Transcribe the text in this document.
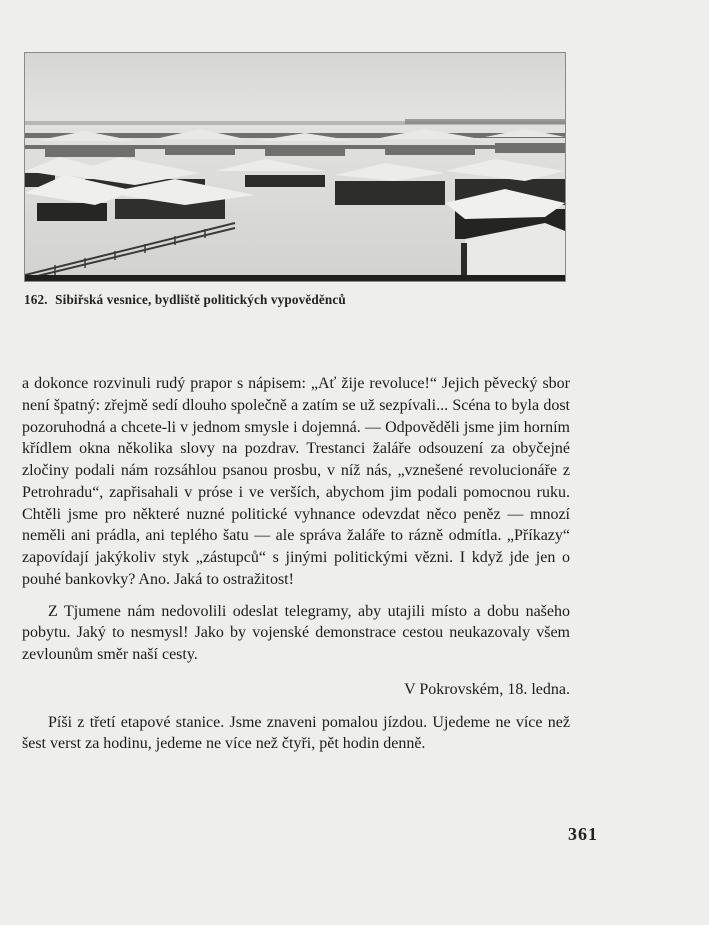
162. Sibiřská vesnice, bydliště politických vypověděnců

a dokonce rozvinuli rudý prapor s nápisem: „Ať žije revoluce!“ Jejich pěvecký sbor není špatný: zřejmě sedí dlouho společně a zatím se už sezpívali... Scéna to byla dost pozoruhodná a chcete-li v jednom smysle i dojemná. — Odpověděli jsme jim horním křídlem okna několika slovy na pozdrav. Trestanci žaláře odsouzení za obyčejné zločiny podali nám rozsáhlou psanou prosbu, v níž nás, „vznešené revolucionáře z Petrohradu“, zapřisahali v próse i ve verších, abychom jim podali pomocnou ruku. Chtěli jsme pro některé nuzné politické vyhnance odevzdat něco peněz — mnozí neměli ani prádla, ani teplého šatu — ale správa žaláře to rázně odmítla. „Příkazy“ zapovídají jakýkoliv styk „zástupců“ s jinými politickými vězni. I když jde jen o pouhé bankovky? Ano. Jaká to ostražitost!

Z Tjumene nám nedovolili odeslat telegramy, aby utajili místo a dobu našeho pobytu. Jaký to nesmysl! Jako by vojenské demonstrace cestou neukazovaly všem zevlounům směr naší cesty.

V Pokrovském, 18. ledna.

Píši z třetí etapové stanice. Jsme znaveni pomalou jízdou. Ujedeme ne více než šest verst za hodinu, jedeme ne více než čtyři, pět hodin denně.

361
